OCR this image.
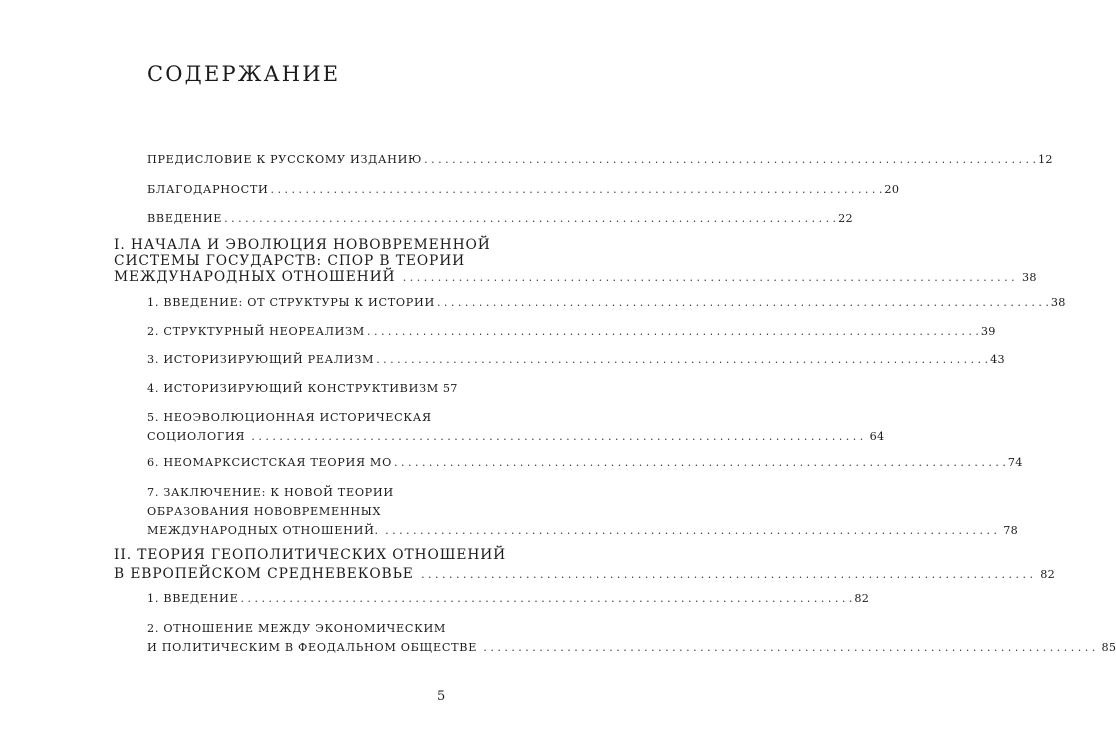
СОДЕРЖАНИЕ
ПРЕДИСЛОВИЕ К РУССКОМУ ИЗДАНИЮ . . .	12
БЛАГОДАРНОСТИ . . .	20
ВВЕДЕНИЕ . . .	22
I. НАЧАЛА И ЭВОЛЮЦИЯ НОВОВРЕМЕННОЙ
СИСТЕМЫ ГОСУДАРСТВ: СПОР В ТЕОРИИ
МЕЖДУНАРОДНЫХ ОТНОШЕНИЙ . . .	38
1. ВВЕДЕНИЕ: ОТ СТРУКТУРЫ К ИСТОРИИ . . .	38
2. СТРУКТУРНЫЙ НЕОРЕАЛИЗМ . . .	39
3. ИСТОРИЗИРУЮЩИЙ РЕАЛИЗМ . . .	43
4. ИСТОРИЗИРУЮЩИЙ КОНСТРУКТИВИЗМ 57
5. НЕОЭВОЛЮЦИОННАЯ ИСТОРИЧЕСКАЯ
СОЦИОЛОГИЯ . . .	64
6. НЕОМАРКСИСТСКАЯ ТЕОРИЯ МО . . .	74
7. ЗАКЛЮЧЕНИЕ: К НОВОЙ ТЕОРИИ
ОБРАЗОВАНИЯ НОВОВРЕМЕННЫХ
МЕЖДУНАРОДНЫХ ОТНОШЕНИЙ. . . .	78
II. ТЕОРИЯ ГЕОПОЛИТИЧЕСКИХ ОТНОШЕНИЙ
В ЕВРОПЕЙСКОМ СРЕДНЕВЕКОВЬЕ . . .	82
1. ВВЕДЕНИЕ . . .	82
2. ОТНОШЕНИЕ МЕЖДУ ЭКОНОМИЧЕСКИМ
И ПОЛИТИЧЕСКИМ В ФЕОДАЛЬНОМ ОБЩЕСТВЕ . . .	85
5
